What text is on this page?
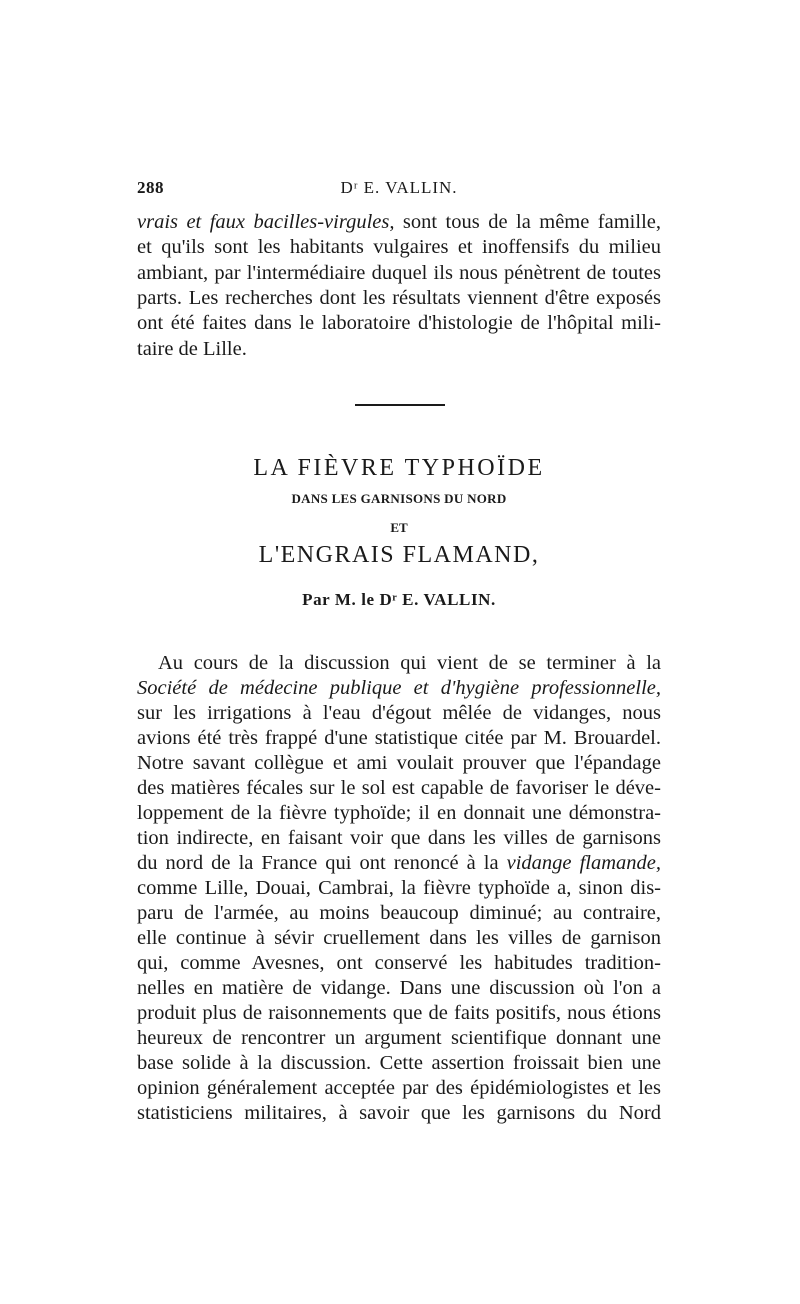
288	Dʳ E. VALLIN.
vrais et faux bacilles-virgules, sont tous de la même famille,
et qu'ils sont les habitants vulgaires et inoffensifs du milieu
ambiant, par l'intermédiaire duquel ils nous pénètrent de toutes
parts. Les recherches dont les résultats viennent d'être exposés
ont été faites dans le laboratoire d'histologie de l'hôpital mili-
taire de Lille.
LA FIÈVRE TYPHOÏDE
DANS LES GARNISONS DU NORD
ET
L'ENGRAIS FLAMAND,
Par M. le Dʳ E. VALLIN.
Au cours de la discussion qui vient de se terminer à la
Société de médecine publique et d'hygiène professionnelle,
sur les irrigations à l'eau d'égout mêlée de vidanges, nous
avions été très frappé d'une statistique citée par M. Brouardel.
Notre savant collègue et ami voulait prouver que l'épandage
des matières fécales sur le sol est capable de favoriser le déve-
loppement de la fièvre typhoïde; il en donnait une démonstra-
tion indirecte, en faisant voir que dans les villes de garnisons
du nord de la France qui ont renoncé à la vidange flamande,
comme Lille, Douai, Cambrai, la fièvre typhoïde a, sinon dis-
paru de l'armée, au moins beaucoup diminué; au contraire,
elle continue à sévir cruellement dans les villes de garnison
qui, comme Avesnes, ont conservé les habitudes tradition-
nelles en matière de vidange. Dans une discussion où l'on a
produit plus de raisonnements que de faits positifs, nous étions
heureux de rencontrer un argument scientifique donnant une
base solide à la discussion. Cette assertion froissait bien une
opinion généralement acceptée par des épidémiologistes et les
statisticiens militaires, à savoir que les garnisons du Nord
